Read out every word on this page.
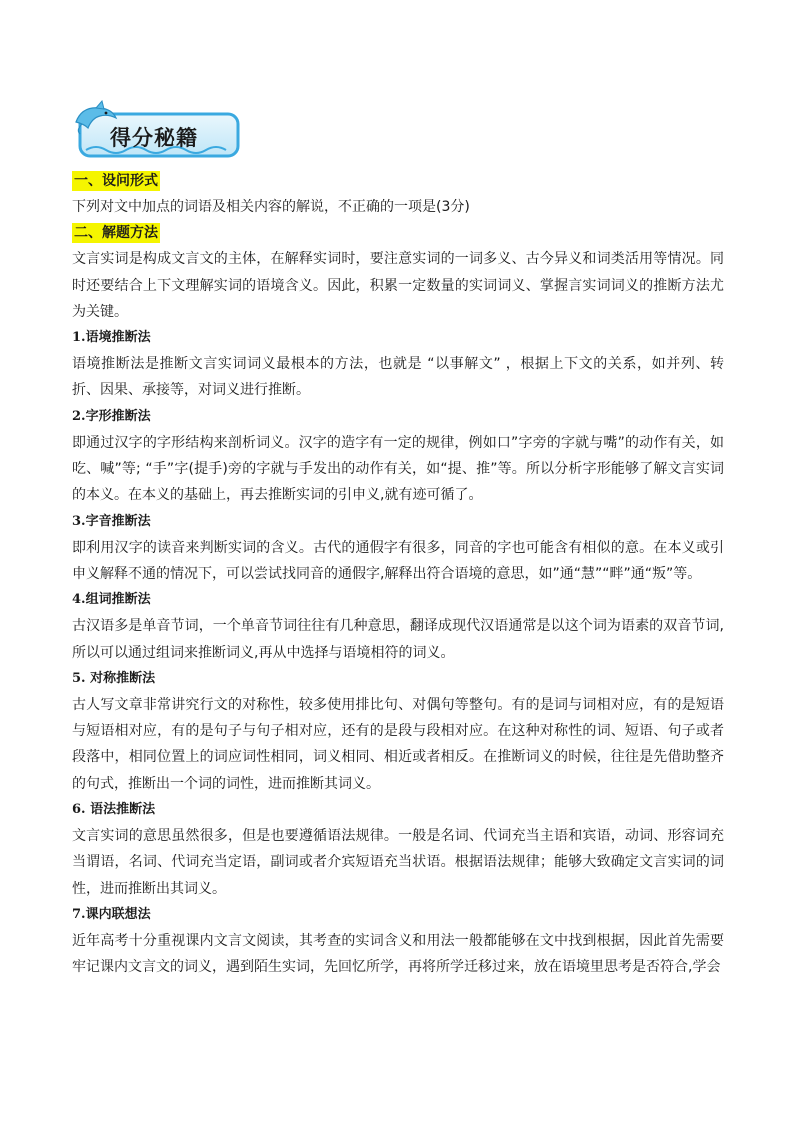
得分秘籍
一、设问形式

下列对文中加点的词语及相关内容的解说，不正确的一项是(3分)

二、解题方法

文言实词是构成文言文的主体，在解释实词时，要注意实词的一词多义、古今异义和词类活用等情况。同时还要结合上下文理解实词的语境含义。因此，积累一定数量的实词词义、掌握言实词词义的推断方法尤为关键。

1.语境推断法

语境推断法是推断文言实词词义最根本的方法，也就是 “以事解文” ，根据上下文的关系，如并列、转折、因果、承接等，对词义进行推断。

2.字形推断法

即通过汉字的字形结构来剖析词义。汉字的造字有一定的规律，例如口”字旁的字就与嘴”的动作有关，如吃、喊”等; “手”字(提手)旁的字就与手发出的动作有关，如“提、推”等。所以分析字形能够了解文言实词的本义。在本义的基础上，再去推断实词的引申义,就有迹可循了。

3.字音推断法

即利用汉字的读音来判断实词的含义。古代的通假字有很多，同音的字也可能含有相似的意。在本义或引申义解释不通的情况下，可以尝试找同音的通假字,解释出符合语境的意思，如”通“慧”“畔”通“叛”等。

4.组词推断法

古汉语多是单音节词，一个单音节词往往有几种意思，翻译成现代汉语通常是以这个词为语素的双音节词,所以可以通过组词来推断词义,再从中选择与语境相符的词义。

5. 对称推断法

古人写文章非常讲究行文的对称性，较多使用排比句、对偶句等整句。有的是词与词相对应，有的是短语与短语相对应，有的是句子与句子相对应，还有的是段与段相对应。在这种对称性的词、短语、句子或者段落中，相同位置上的词应词性相同，词义相同、相近或者相反。在推断词义的时候，往往是先借助整齐的句式，推断出一个词的词性，进而推断其词义。

6. 语法推断法

文言实词的意思虽然很多，但是也要遵循语法规律。一般是名词、代词充当主语和宾语，动词、形容词充当谓语，名词、代词充当定语，副词或者介宾短语充当状语。根据语法规律；能够大致确定文言实词的词性，进而推断出其词义。

7.课内联想法

近年高考十分重视课内文言文阅读，其考查的实词含义和用法一般都能够在文中找到根据，因此首先需要牢记课内文言文的词义，遇到陌生实词，先回忆所学，再将所学迁移过来，放在语境里思考是否符合,学会
